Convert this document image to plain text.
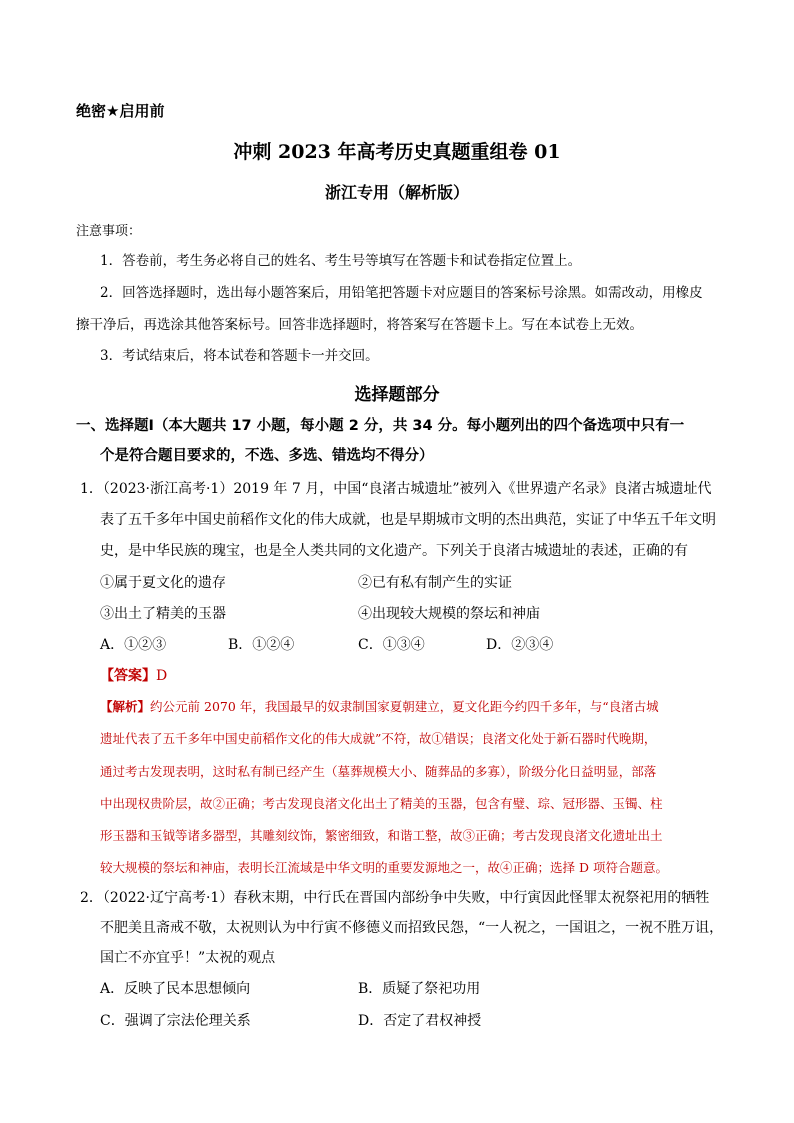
绝密★启用前
冲刺 2023 年高考历史真题重组卷 01
浙江专用（解析版）
注意事项：
1．答卷前，考生务必将自己的姓名、考生号等填写在答题卡和试卷指定位置上。
2．回答选择题时，选出每小题答案后，用铅笔把答题卡对应题目的答案标号涂黑。如需改动，用橡皮
擦干净后，再选涂其他答案标号。回答非选择题时，将答案写在答题卡上。写在本试卷上无效。
3．考试结束后，将本试卷和答题卡一并交回。
选择题部分
一、选择题Ⅰ（本大题共 17 小题，每小题 2 分，共 34 分。每小题列出的四个备选项中只有一
个是符合题目要求的，不选、多选、错选均不得分）
1．（2023·浙江高考·1）2019 年 7 月，中国“良渚古城遗址”被列入《世界遗产名录》良渚古城遗址代
表了五千多年中国史前稻作文化的伟大成就，也是早期城市文明的杰出典范，实证了中华五千年文明
史，是中华民族的瑰宝，也是全人类共同的文化遗产。下列关于良渚古城遗址的表述，正确的有
①属于夏文化的遗存	②已有私有制产生的实证
③出土了精美的玉器	④出现较大规模的祭坛和神庙
A．①②③	B．①②④	C．①③④	D．②③④
【答案】D
【解析】约公元前 2070 年，我国最早的奴隶制国家夏朝建立，夏文化距今约四千多年，与“良渚古城
遗址代表了五千多年中国史前稻作文化的伟大成就”不符，故①错误；良渚文化处于新石器时代晚期，
通过考古发现表明，这时私有制已经产生（墓葬规模大小、随葬品的多寡），阶级分化日益明显，部落
中出现权贵阶层，故②正确；考古发现良渚文化出土了精美的玉器，包含有璧、琮、冠形器、玉镯、柱
形玉器和玉钺等诸多器型，其雕刻纹饰，繁密细致，和谐工整，故③正确；考古发现良渚文化遗址出土
较大规模的祭坛和神庙，表明长江流域是中华文明的重要发源地之一，故④正确；选择 D 项符合题意。
2．（2022·辽宁高考·1）春秋末期，中行氏在晋国内部纷争中失败，中行寅因此怪罪太祝祭祀用的牺牲
不肥美且斋戒不敬，太祝则认为中行寅不修德义而招致民怨，“一人祝之，一国诅之，一祝不胜万诅，
国亡不亦宜乎！”太祝的观点
A．反映了民本思想倾向	B．质疑了祭祀功用
C．强调了宗法伦理关系	D．否定了君权神授
